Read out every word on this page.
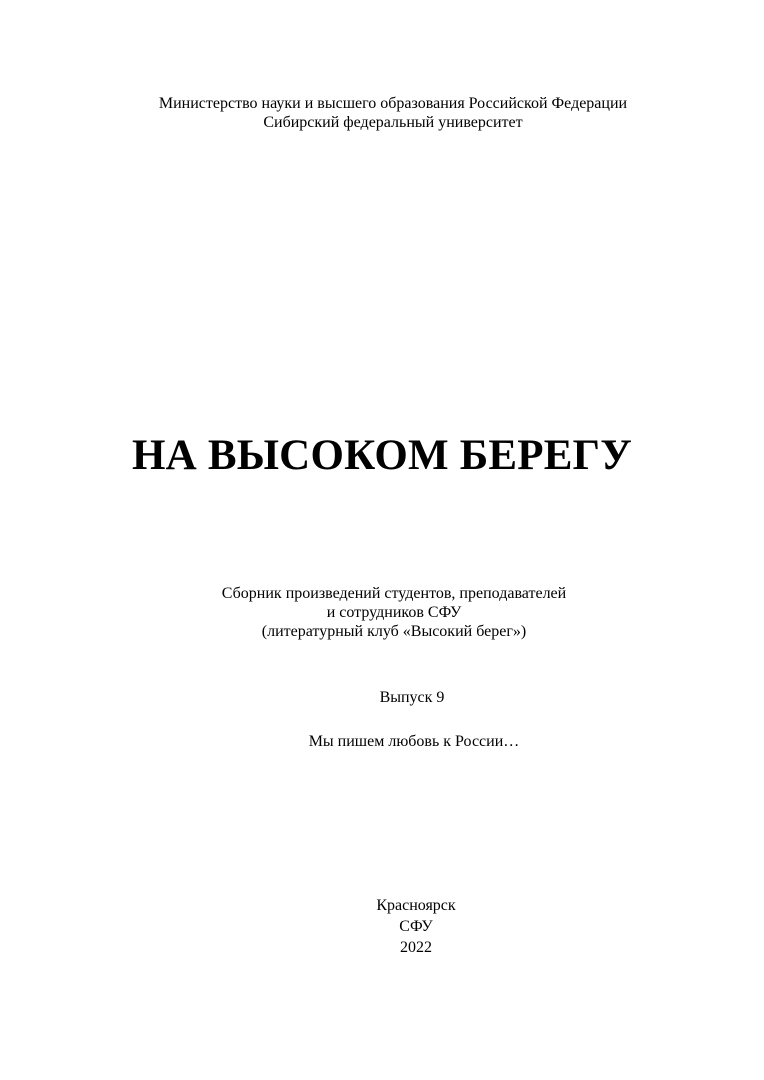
Министерство науки и высшего образования Российской Федерации

Сибирский федеральный университет

НА ВЫСОКОМ БЕРЕГУ

Сборник произведений студентов, преподавателей

и сотрудников СФУ

(литературный клуб «Высокий берег»)

Выпуск 9

Мы пишем любовь к России…

Красноярск

СФУ

2022
